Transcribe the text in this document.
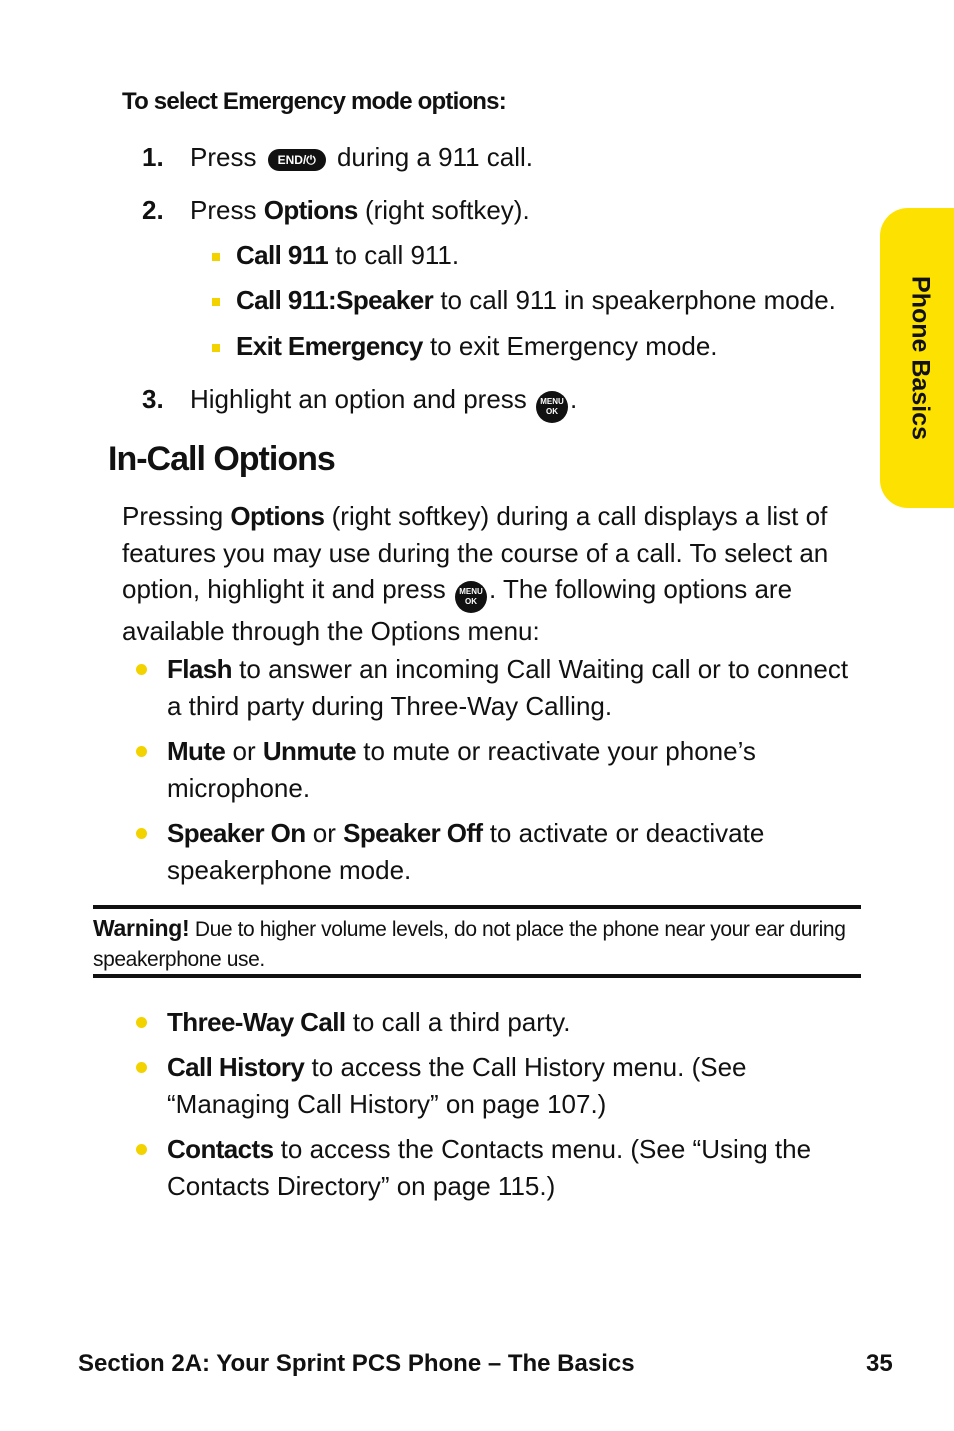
To select Emergency mode options:
1. Press END/⏻ during a 911 call.
2. Press Options (right softkey).
Call 911 to call 911.
Call 911:Speaker to call 911 in speakerphone mode.
Exit Emergency to exit Emergency mode.
3. Highlight an option and press MENU
OK .
In-Call Options
Pressing Options (right softkey) during a call displays a list of features you may use during the course of a call. To select an option, highlight it and press MENU
OK . The following options are available through the Options menu:
Flash to answer an incoming Call Waiting call or to connect a third party during Three-Way Calling.
Mute or Unmute to mute or reactivate your phone’s microphone.
Speaker On or Speaker Off to activate or deactivate speakerphone mode.
Warning! Due to higher volume levels, do not place the phone near your ear during speakerphone use.
Three-Way Call to call a third party.
Call History to access the Call History menu. (See “Managing Call History” on page 107.)
Contacts to access the Contacts menu. (See “Using the Contacts Directory” on page 115.)
Phone Basics
Section 2A: Your Sprint PCS Phone – The Basics	35
